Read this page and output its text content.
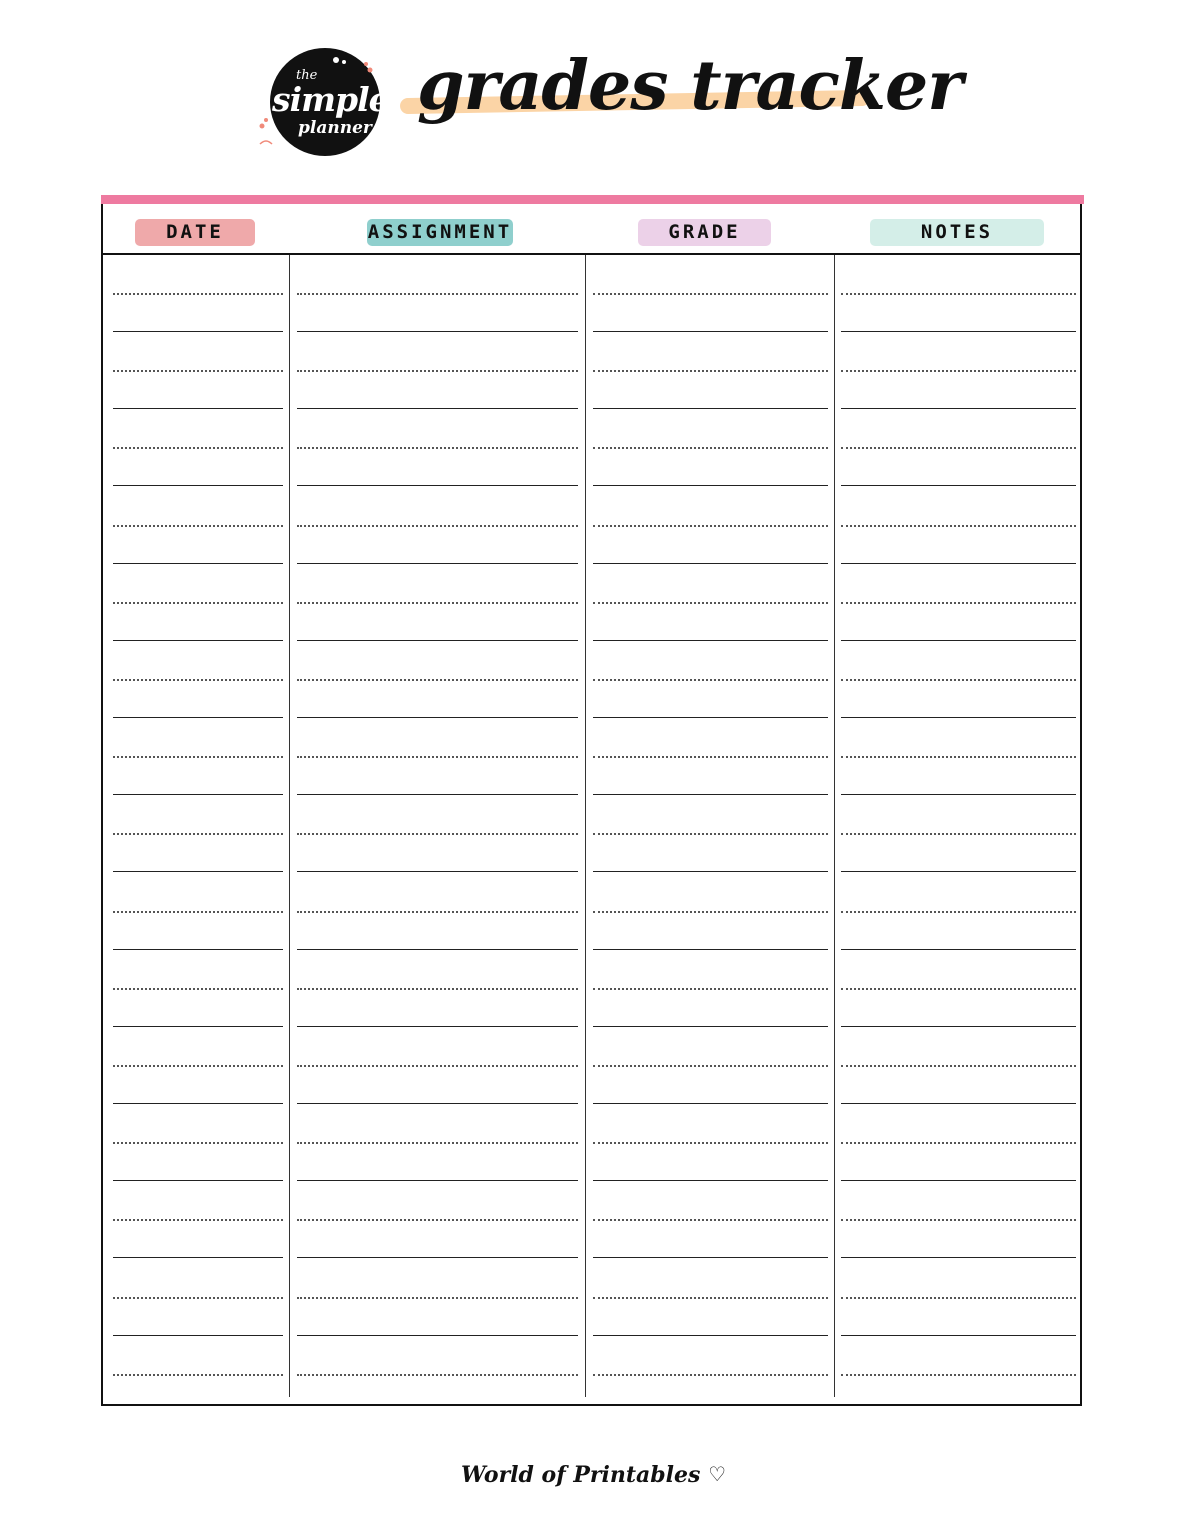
the
simple
planner
grades tracker
DATE	ASSIGNMENT	GRADE	NOTES
World of Printables ♡
